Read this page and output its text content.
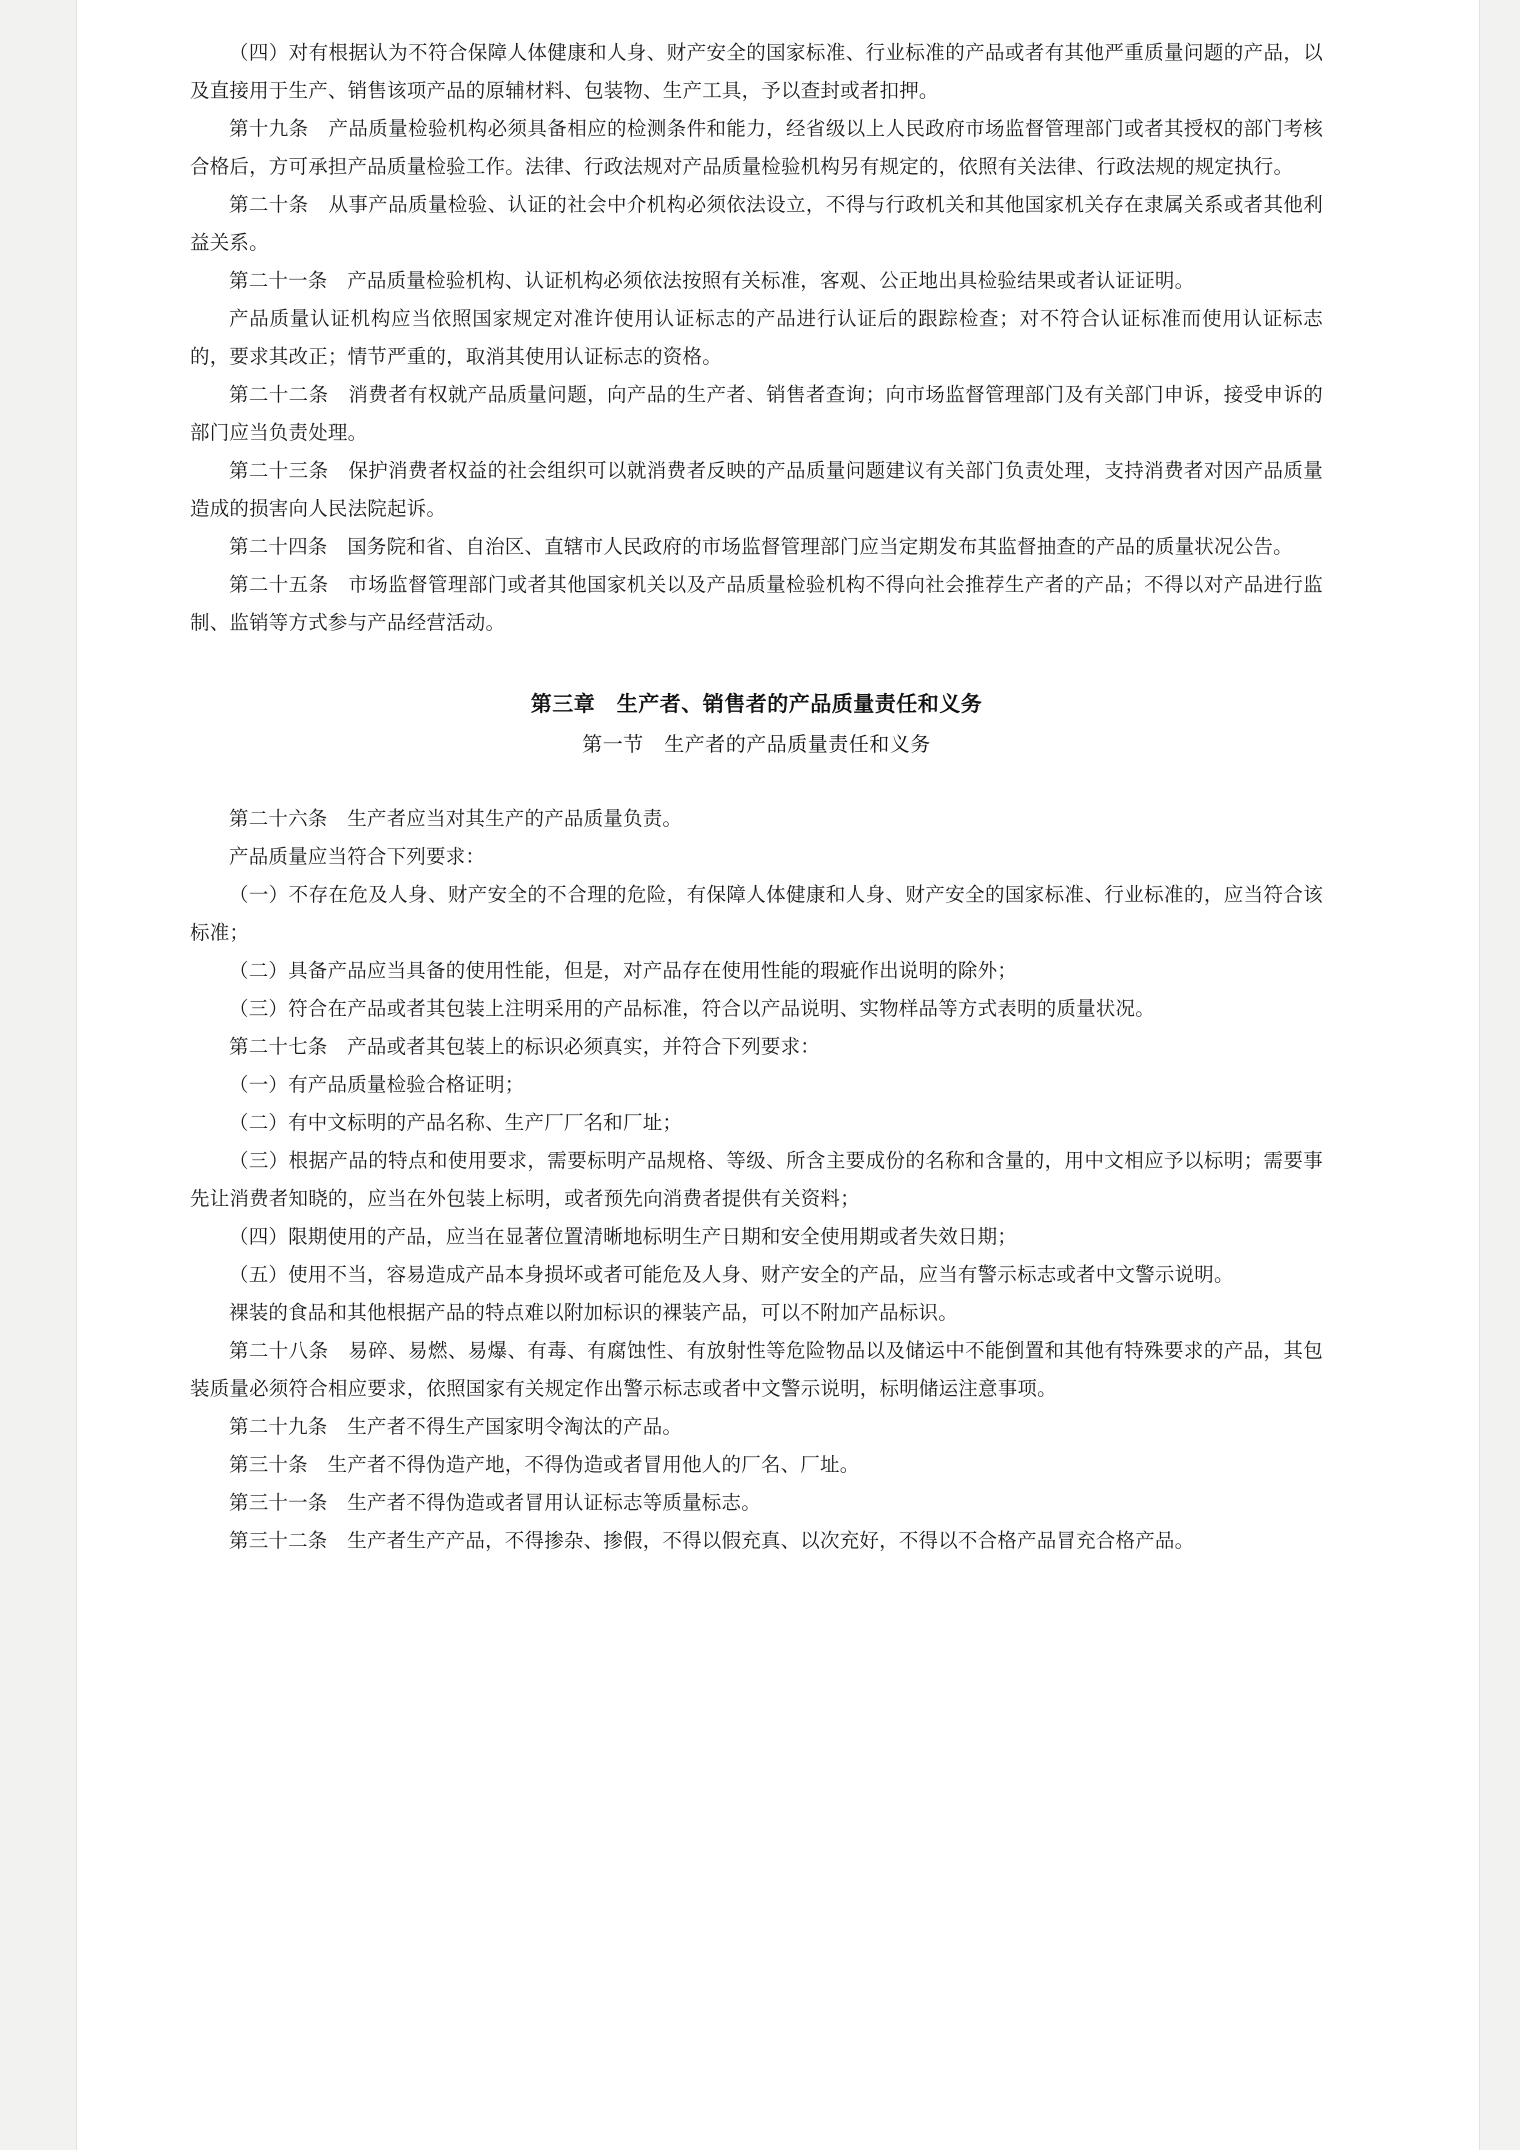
（四）对有根据认为不符合保障人体健康和人身、财产安全的国家标准、行业标准的产品或者有其他严重质量问题的产品，以及直接用于生产、销售该项产品的原辅材料、包装物、生产工具，予以查封或者扣押。

第十九条　产品质量检验机构必须具备相应的检测条件和能力，经省级以上人民政府市场监督管理部门或者其授权的部门考核合格后，方可承担产品质量检验工作。法律、行政法规对产品质量检验机构另有规定的，依照有关法律、行政法规的规定执行。

第二十条　从事产品质量检验、认证的社会中介机构必须依法设立，不得与行政机关和其他国家机关存在隶属关系或者其他利益关系。

第二十一条　产品质量检验机构、认证机构必须依法按照有关标准，客观、公正地出具检验结果或者认证证明。

产品质量认证机构应当依照国家规定对准许使用认证标志的产品进行认证后的跟踪检查；对不符合认证标准而使用认证标志的，要求其改正；情节严重的，取消其使用认证标志的资格。

第二十二条　消费者有权就产品质量问题，向产品的生产者、销售者查询；向市场监督管理部门及有关部门申诉，接受申诉的部门应当负责处理。

第二十三条　保护消费者权益的社会组织可以就消费者反映的产品质量问题建议有关部门负责处理，支持消费者对因产品质量造成的损害向人民法院起诉。

第二十四条　国务院和省、自治区、直辖市人民政府的市场监督管理部门应当定期发布其监督抽查的产品的质量状况公告。

第二十五条　市场监督管理部门或者其他国家机关以及产品质量检验机构不得向社会推荐生产者的产品；不得以对产品进行监制、监销等方式参与产品经营活动。

第三章　生产者、销售者的产品质量责任和义务
第一节　生产者的产品质量责任和义务

第二十六条　生产者应当对其生产的产品质量负责。

产品质量应当符合下列要求：

（一）不存在危及人身、财产安全的不合理的危险，有保障人体健康和人身、财产安全的国家标准、行业标准的，应当符合该标准；

（二）具备产品应当具备的使用性能，但是，对产品存在使用性能的瑕疵作出说明的除外；

（三）符合在产品或者其包装上注明采用的产品标准，符合以产品说明、实物样品等方式表明的质量状况。

第二十七条　产品或者其包装上的标识必须真实，并符合下列要求：

（一）有产品质量检验合格证明；

（二）有中文标明的产品名称、生产厂厂名和厂址；

（三）根据产品的特点和使用要求，需要标明产品规格、等级、所含主要成份的名称和含量的，用中文相应予以标明；需要事先让消费者知晓的，应当在外包装上标明，或者预先向消费者提供有关资料；

（四）限期使用的产品，应当在显著位置清晰地标明生产日期和安全使用期或者失效日期；

（五）使用不当，容易造成产品本身损坏或者可能危及人身、财产安全的产品，应当有警示标志或者中文警示说明。

裸装的食品和其他根据产品的特点难以附加标识的裸装产品，可以不附加产品标识。

第二十八条　易碎、易燃、易爆、有毒、有腐蚀性、有放射性等危险物品以及储运中不能倒置和其他有特殊要求的产品，其包装质量必须符合相应要求，依照国家有关规定作出警示标志或者中文警示说明，标明储运注意事项。

第二十九条　生产者不得生产国家明令淘汰的产品。

第三十条　生产者不得伪造产地，不得伪造或者冒用他人的厂名、厂址。

第三十一条　生产者不得伪造或者冒用认证标志等质量标志。

第三十二条　生产者生产产品，不得掺杂、掺假，不得以假充真、以次充好，不得以不合格产品冒充合格产品。
